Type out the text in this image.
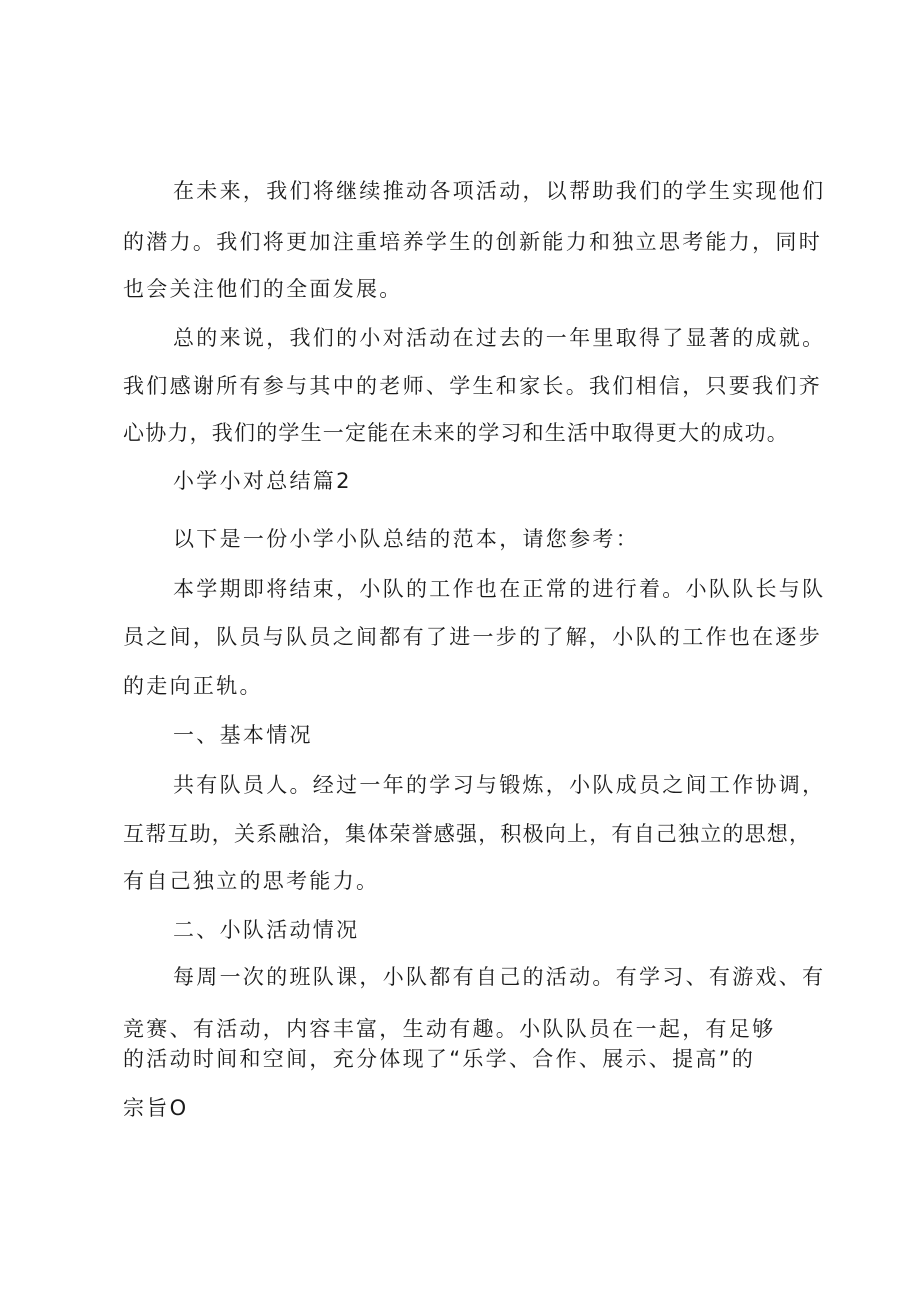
在未来，我们将继续推动各项活动，以帮助我们的学生实现他们
的潜力。我们将更加注重培养学生的创新能力和独立思考能力，同时
也会关注他们的全面发展。
总的来说，我们的小对活动在过去的一年里取得了显著的成就。
我们感谢所有参与其中的老师、学生和家长。我们相信，只要我们齐
心协力，我们的学生一定能在未来的学习和生活中取得更大的成功。
小学小对总结篇2
以下是一份小学小队总结的范本，请您参考：
本学期即将结束，小队的工作也在正常的进行着。小队队长与队
员之间，队员与队员之间都有了进一步的了解，小队的工作也在逐步
的走向正轨。
一、基本情况
共有队员人。经过一年的学习与锻炼，小队成员之间工作协调，
互帮互助，关系融洽，集体荣誉感强，积极向上，有自己独立的思想，
有自己独立的思考能力。
二、小队活动情况
每周一次的班队课，小队都有自己的活动。有学习、有游戏、有
竞赛、有活动，内容丰富，生动有趣。小队队员在一起，有足够
的活动时间和空间，充分体现了“乐学、合作、展示、提高”的
宗旨O
